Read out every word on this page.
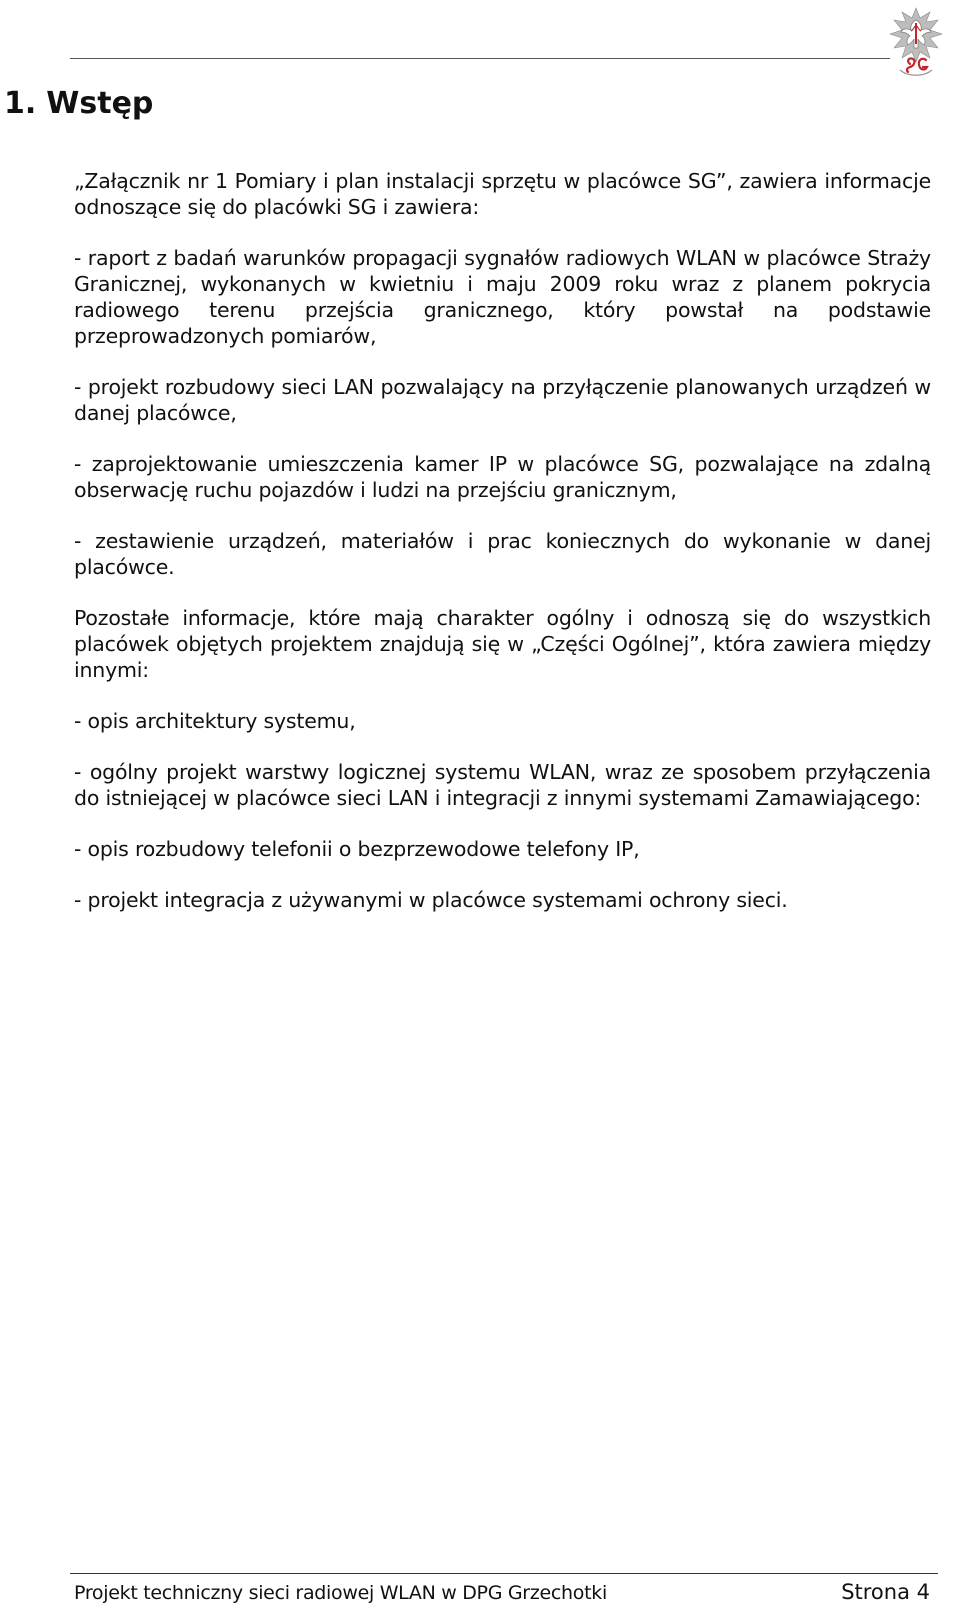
1. Wstęp

„Załącznik nr 1 Pomiary i plan instalacji sprzętu w placówce SG”, zawiera informacje odnoszące się do placówki SG i zawiera:

- raport z badań warunków propagacji sygnałów radiowych WLAN w placówce Straży Granicznej, wykonanych w kwietniu i maju 2009 roku wraz z planem pokrycia radiowego terenu przejścia granicznego, który powstał na podstawie przeprowadzonych pomiarów,

- projekt rozbudowy sieci LAN pozwalający na przyłączenie planowanych urządzeń w danej placówce,

- zaprojektowanie umieszczenia kamer IP w placówce SG, pozwalające na zdalną obserwację ruchu pojazdów i ludzi na przejściu granicznym,

- zestawienie urządzeń, materiałów i prac koniecznych do wykonanie w danej placówce.

Pozostałe informacje, które mają charakter ogólny i odnoszą się do wszystkich placówek objętych projektem znajdują się w „Części Ogólnej”, która zawiera między innymi:

- opis architektury systemu,

- ogólny projekt warstwy logicznej systemu WLAN, wraz ze sposobem przyłączenia do istniejącej w placówce sieci LAN i integracji z innymi systemami Zamawiającego:

- opis rozbudowy telefonii o bezprzewodowe telefony IP,

- projekt integracja z używanymi w placówce systemami ochrony sieci.

Projekt techniczny sieci radiowej WLAN w DPG Grzechotki	Strona 4
